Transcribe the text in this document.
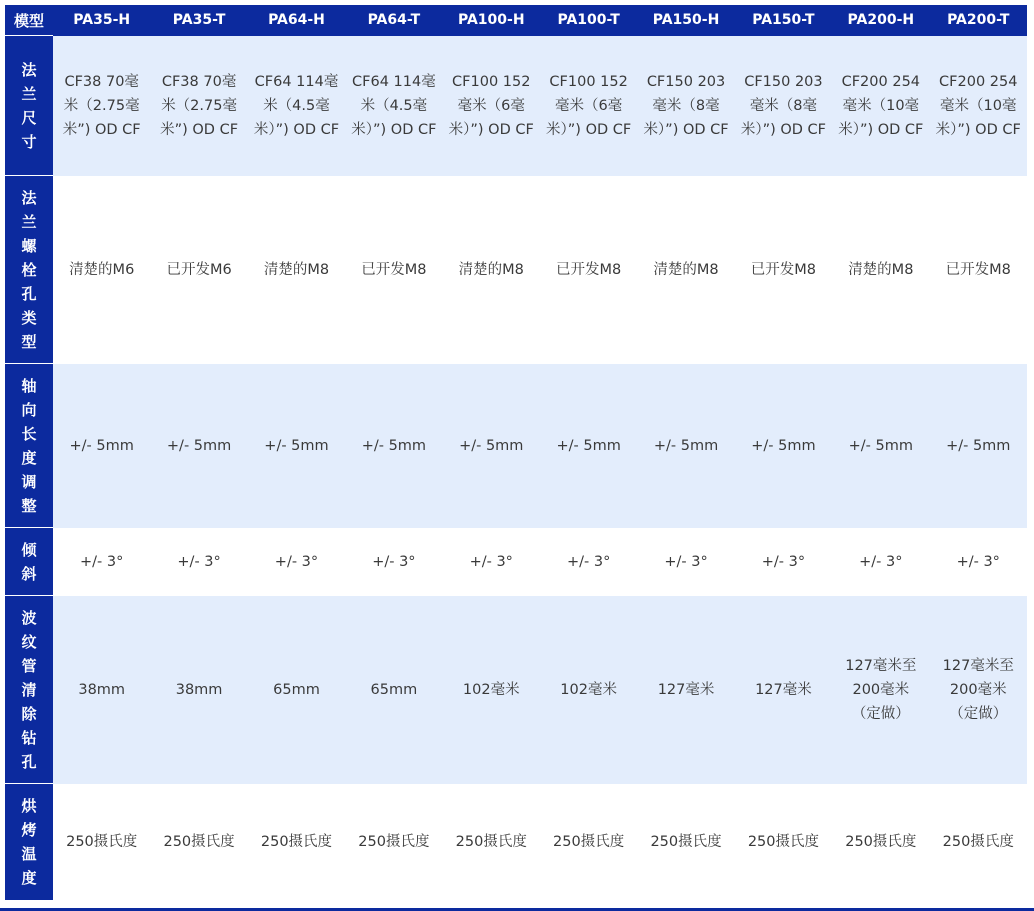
模型	PA35-H	PA35-T	PA64-H	PA64-T	PA100-H	PA100-T	PA150-H	PA150-T	PA200-H	PA200-T
法兰尺寸	CF38 70毫米（2.75毫米”) OD CF	CF38 70毫米（2.75毫米”) OD CF	CF64 114毫米（4.5毫米）”) OD CF	CF64 114毫米（4.5毫米）”) OD CF	CF100 152毫米（6毫米）”) OD CF	CF100 152毫米（6毫米）”) OD CF	CF150 203毫米（8毫米）”) OD CF	CF150 203毫米（8毫米）”) OD CF	CF200 254毫米（10毫米）”) OD CF	CF200 254毫米（10毫米）”) OD CF

法兰螺栓孔类型	清楚的M6	已开发M6	清楚的M8	已开发M8	清楚的M8	已开发M8	清楚的M8	已开发M8	清楚的M8	已开发M8

轴向长度调整	+/- 5mm	+/- 5mm	+/- 5mm	+/- 5mm	+/- 5mm	+/- 5mm	+/- 5mm	+/- 5mm	+/- 5mm	+/- 5mm

倾斜	+/- 3°	+/- 3°	+/- 3°	+/- 3°	+/- 3°	+/- 3°	+/- 3°	+/- 3°	+/- 3°	+/- 3°

波纹管清除钻孔	38mm	38mm	65mm	65mm	102毫米	102毫米	127毫米	127毫米	127毫米至200毫米（定做）	127毫米至200毫米（定做）

烘烤温度	250摄氏度	250摄氏度	250摄氏度	250摄氏度	250摄氏度	250摄氏度	250摄氏度	250摄氏度	250摄氏度	250摄氏度
